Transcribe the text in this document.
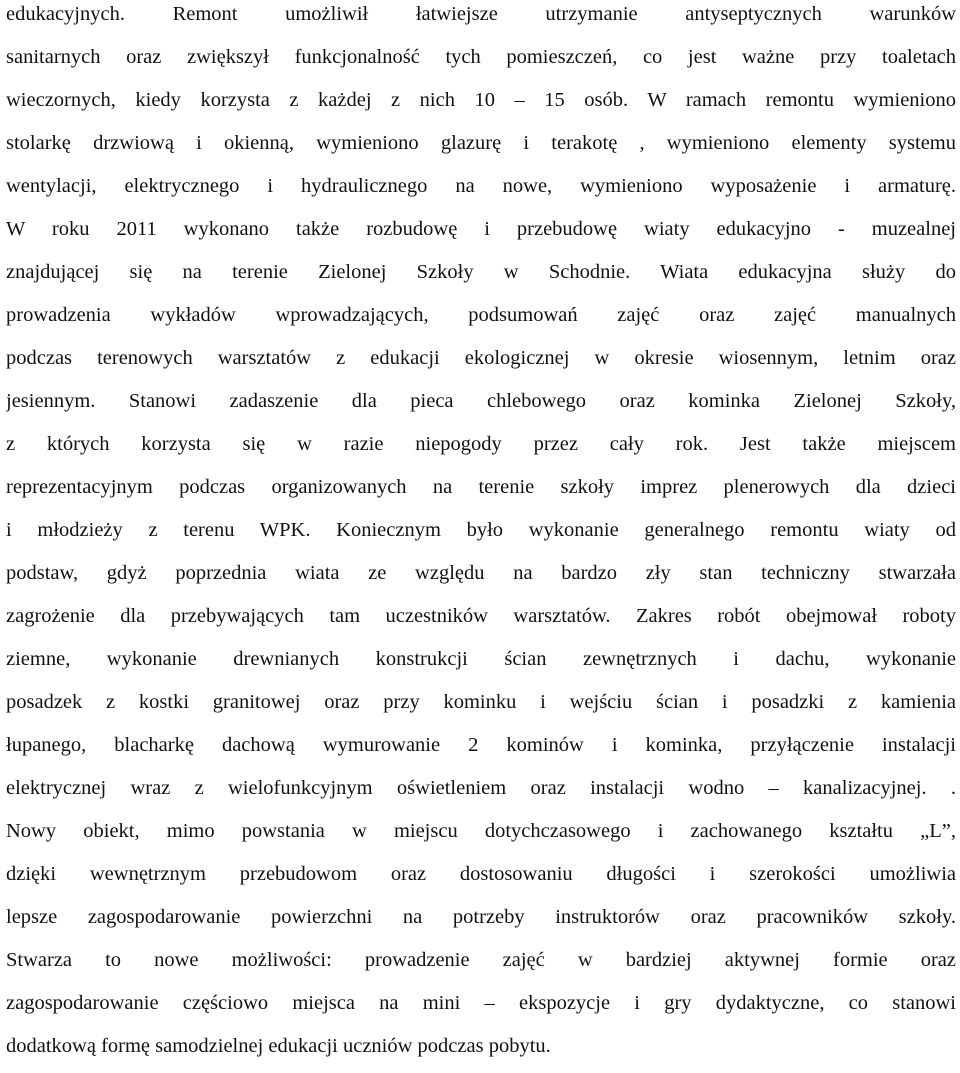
edukacyjnych. Remont umożliwił łatwiejsze utrzymanie antyseptycznych warunków
sanitarnych oraz zwiększył funkcjonalność tych pomieszczeń, co jest ważne przy toaletach
wieczornych, kiedy korzysta z każdej z nich 10 – 15 osób. W ramach remontu wymieniono
stolarkę drzwiową i okienną, wymieniono glazurę i terakotę , wymieniono elementy systemu
wentylacji, elektrycznego i hydraulicznego na nowe, wymieniono wyposażenie i armaturę.
W roku 2011 wykonano także rozbudowę i przebudowę wiaty edukacyjno - muzealnej
znajdującej się na terenie Zielonej Szkoły w Schodnie. Wiata edukacyjna służy do
prowadzenia wykładów wprowadzających, podsumowań zajęć oraz zajęć manualnych
podczas terenowych warsztatów z edukacji ekologicznej w okresie wiosennym, letnim oraz
jesiennym. Stanowi zadaszenie dla pieca chlebowego oraz kominka Zielonej Szkoły,
z których korzysta się w razie niepogody przez cały rok. Jest także miejscem
reprezentacyjnym podczas organizowanych na terenie szkoły imprez plenerowych dla dzieci
i młodzieży z terenu WPK. Koniecznym było wykonanie generalnego remontu wiaty od
podstaw, gdyż poprzednia wiata ze względu na bardzo zły stan techniczny stwarzała
zagrożenie dla przebywających tam uczestników warsztatów. Zakres robót obejmował roboty
ziemne, wykonanie drewnianych konstrukcji ścian zewnętrznych i dachu, wykonanie
posadzek z kostki granitowej oraz przy kominku i wejściu ścian i posadzki z kamienia
łupanego, blacharkę dachową wymurowanie 2 kominów i kominka, przyłączenie instalacji
elektrycznej wraz z wielofunkcyjnym oświetleniem oraz instalacji wodno – kanalizacyjnej. .
Nowy obiekt, mimo powstania w miejscu dotychczasowego i zachowanego kształtu „L”,
dzięki wewnętrznym przebudowom oraz dostosowaniu długości i szerokości umożliwia
lepsze zagospodarowanie powierzchni na potrzeby instruktorów oraz pracowników szkoły.
Stwarza to nowe możliwości: prowadzenie zajęć w bardziej aktywnej formie oraz
zagospodarowanie częściowo miejsca na mini – ekspozycje i gry dydaktyczne, co stanowi
dodatkową formę samodzielnej edukacji uczniów podczas pobytu.
